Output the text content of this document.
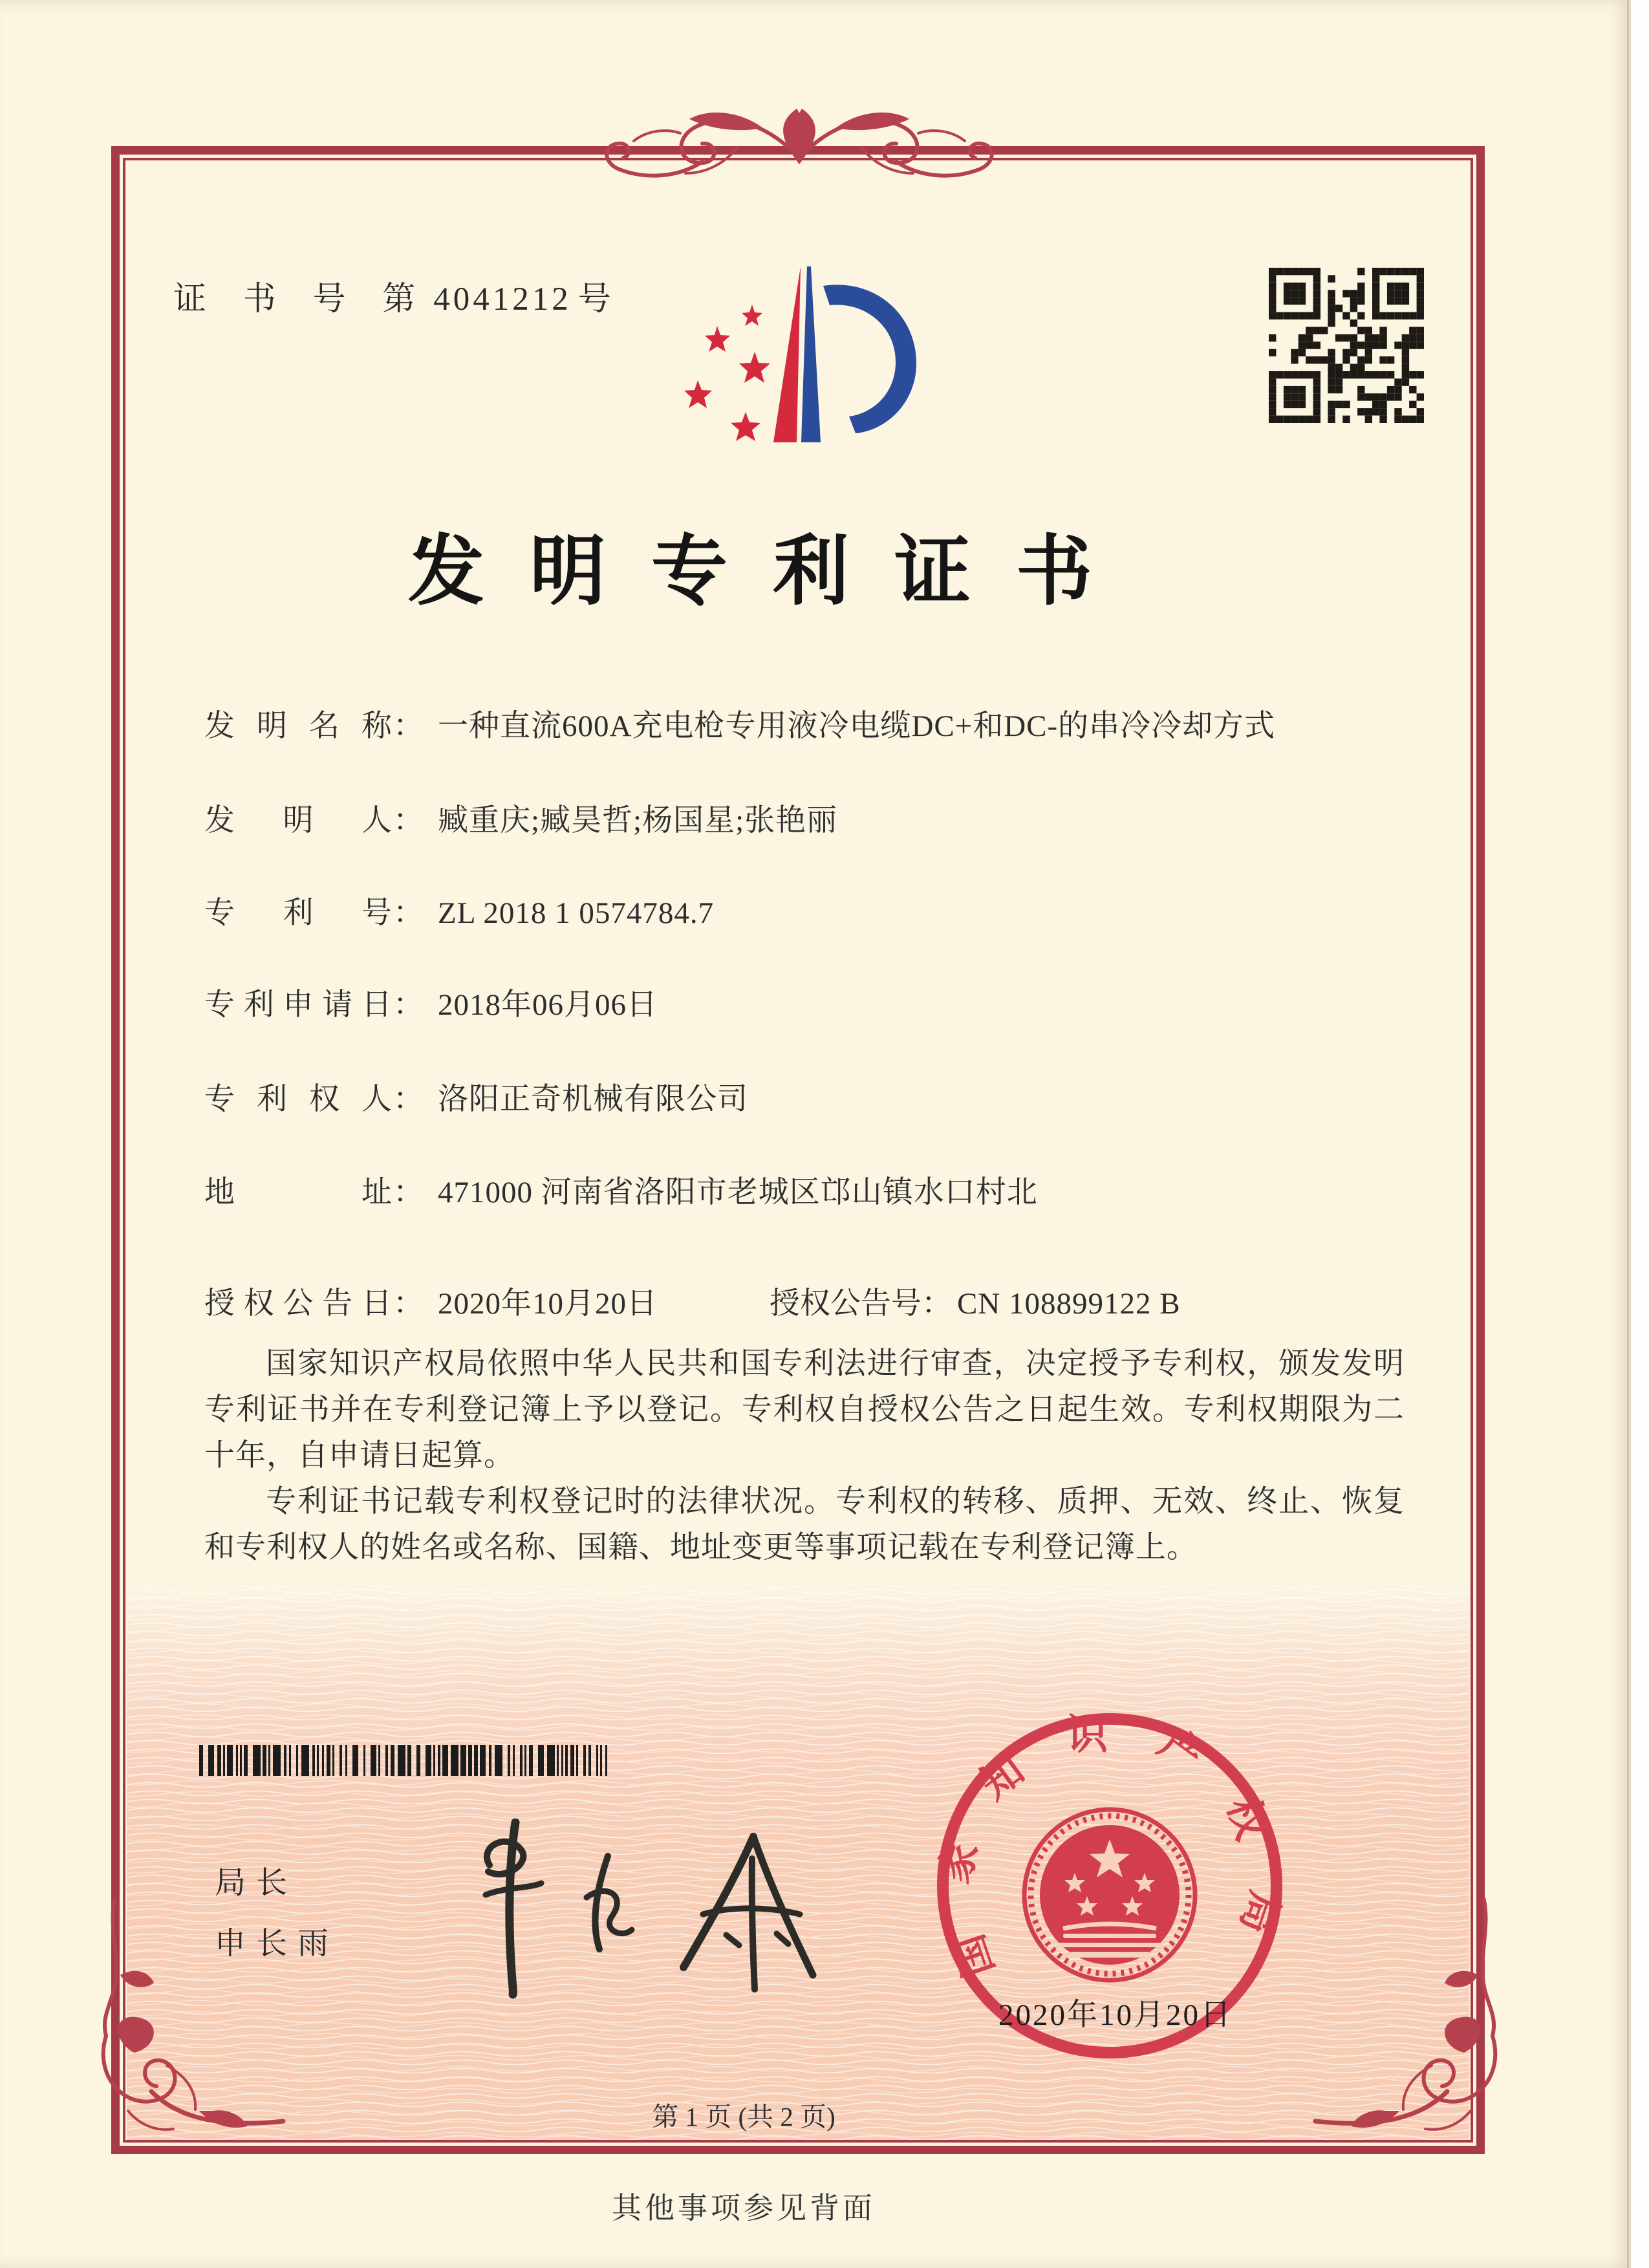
证 书 号 第 4041212 号
发明专利证书
发明名称： 一种直流600A充电枪专用液冷电缆DC+和DC-的串冷冷却方式
发明人： 臧重庆;臧昊哲;杨国星;张艳丽
专利号： ZL 2018 1 0574784.7
专利申请日： 2018年06月06日
专利权人： 洛阳正奇机械有限公司
地址： 471000 河南省洛阳市老城区邙山镇水口村北
授权公告日： 2020年10月20日	授权公告号： CN 108899122 B

国家知识产权局依照中华人民共和国专利法进行审查，决定授予专利权，颁发发明专利证书并在专利登记簿上予以登记。专利权自授权公告之日起生效。专利权期限为二十年，自申请日起算。

专利证书记载专利权登记时的法律状况。专利权的转移、质押、无效、终止、恢复和专利权人的姓名或名称、国籍、地址变更等事项记载在专利登记簿上。

局长
申长雨	国家知识产权局
2020年10月20日
第 1 页 (共 2 页)
其他事项参见背面
